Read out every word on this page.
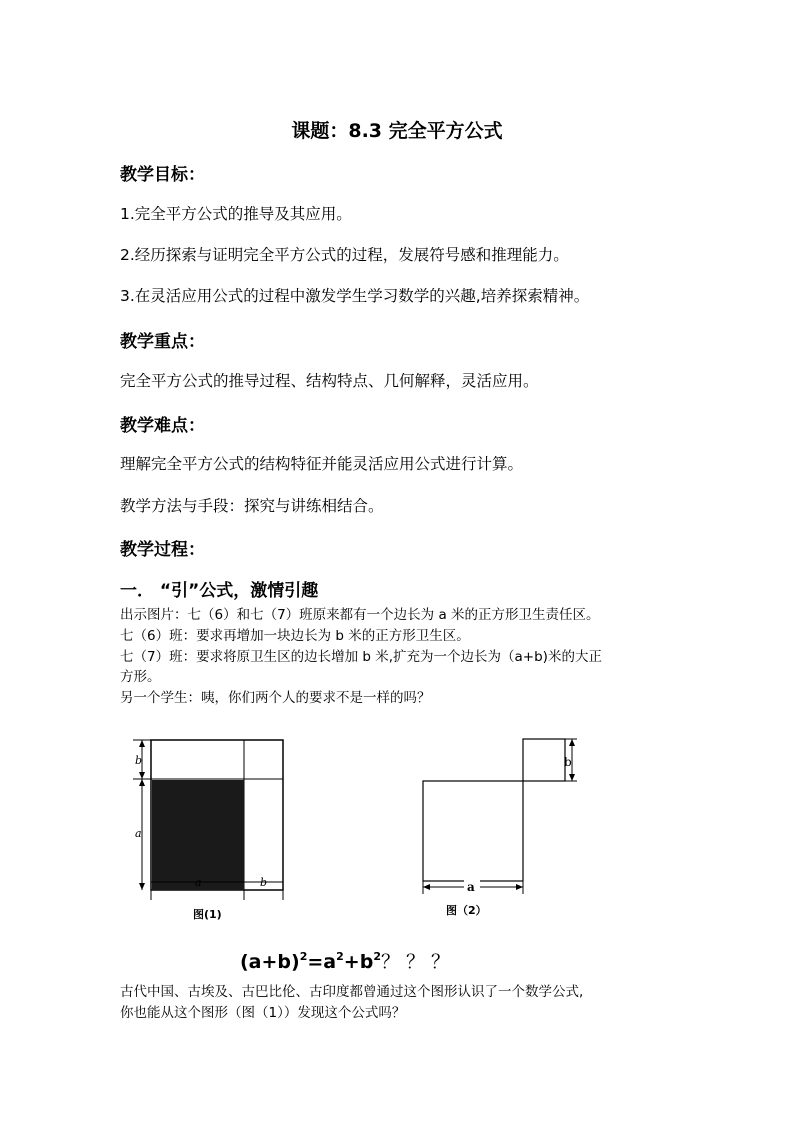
课题：8.3 完全平方公式
教学目标：
1.完全平方公式的推导及其应用。
2.经历探索与证明完全平方公式的过程，发展符号感和推理能力。
3.在灵活应用公式的过程中激发学生学习数学的兴趣,培养探索精神。
教学重点：
完全平方公式的推导过程、结构特点、几何解释，灵活应用。
教学难点：
理解完全平方公式的结构特征并能灵活应用公式进行计算。
教学方法与手段：探究与讲练相结合。
教学过程：
一． “引”公式，激情引趣
出示图片：七（6）和七（7）班原来都有一个边长为 a 米的正方形卫生责任区。
七（6）班：要求再增加一块边长为 b 米的正方形卫生区。
七（7）班：要求将原卫生区的边长增加 b 米,扩充为一个边长为（a+b)米的大正
方形。
另一个学生：咦，你们两个人的要求不是一样的吗？
b
a
a	b
图(1)
b
a
图（2）
$(a+b)^2=a^2+b^2$？ ？ ？
古代中国、古埃及、古巴比伦、古印度都曾通过这个图形认识了一个数学公式,
你也能从这个图形（图（1））发现这个公式吗？
